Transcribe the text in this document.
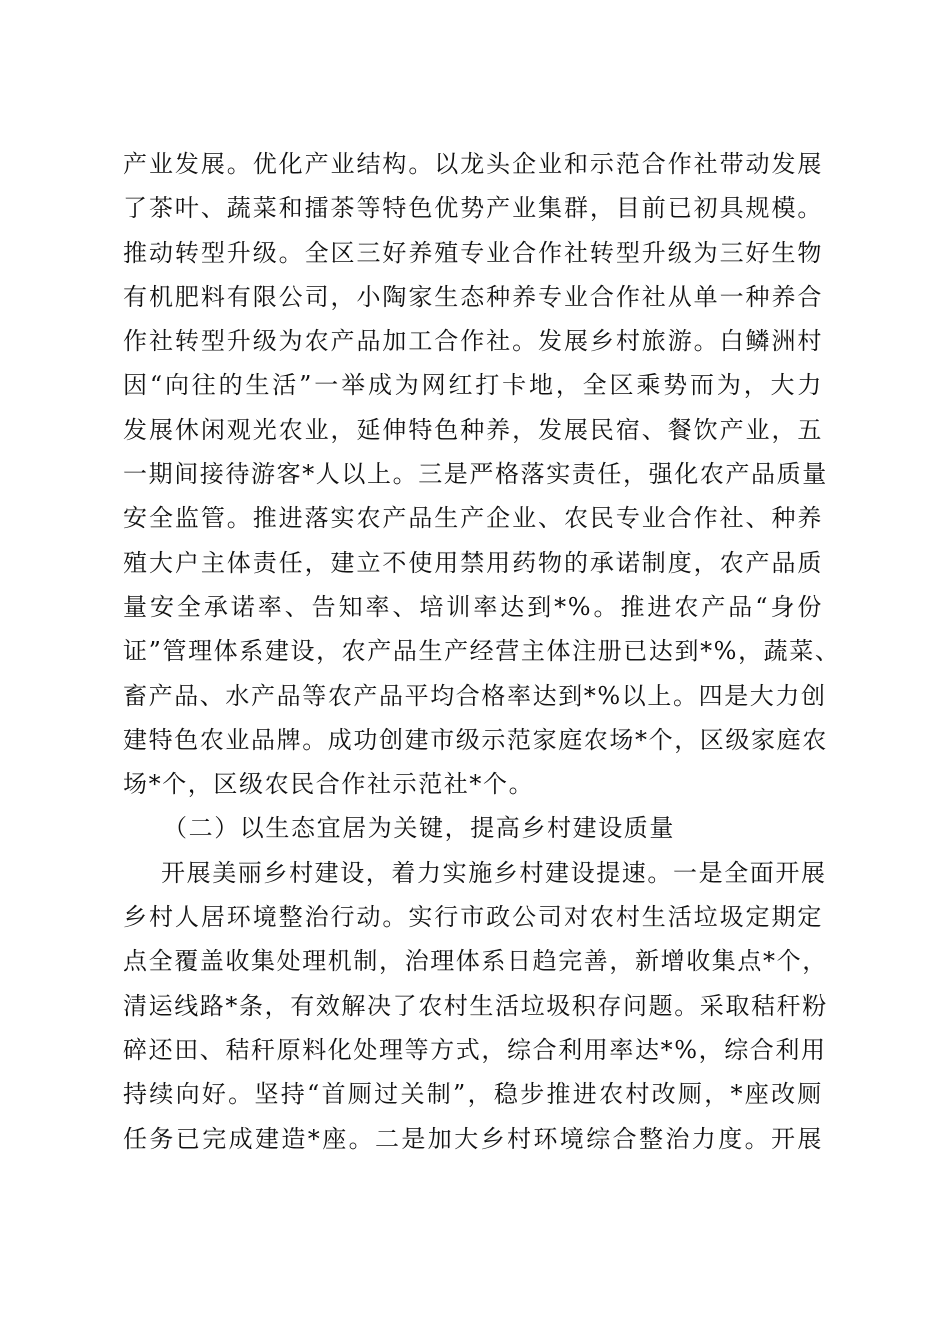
产业发展。优化产业结构。以龙头企业和示范合作社带动发展
了茶叶、蔬菜和擂茶等特色优势产业集群，目前已初具规模。
推动转型升级。全区三好养殖专业合作社转型升级为三好生物
有机肥料有限公司，小陶家生态种养专业合作社从单一种养合
作社转型升级为农产品加工合作社。发展乡村旅游。白鳞洲村
因“向往的生活”一举成为网红打卡地，全区乘势而为，大力
发展休闲观光农业，延伸特色种养，发展民宿、餐饮产业，五
一期间接待游客*人以上。三是严格落实责任，强化农产品质量
安全监管。推进落实农产品生产企业、农民专业合作社、种养
殖大户主体责任，建立不使用禁用药物的承诺制度，农产品质
量安全承诺率、告知率、培训率达到*%。推进农产品“身份
证”管理体系建设，农产品生产经营主体注册已达到*%，蔬菜、
畜产品、水产品等农产品平均合格率达到*%以上。四是大力创
建特色农业品牌。成功创建市级示范家庭农场*个，区级家庭农
场*个，区级农民合作社示范社*个。
（二）以生态宜居为关键，提高乡村建设质量
开展美丽乡村建设，着力实施乡村建设提速。一是全面开展
乡村人居环境整治行动。实行市政公司对农村生活垃圾定期定
点全覆盖收集处理机制，治理体系日趋完善，新增收集点*个，
清运线路*条，有效解决了农村生活垃圾积存问题。采取秸秆粉
碎还田、秸秆原料化处理等方式，综合利用率达*%，综合利用
持续向好。坚持“首厕过关制”，稳步推进农村改厕，*座改厕
任务已完成建造*座。二是加大乡村环境综合整治力度。开展
